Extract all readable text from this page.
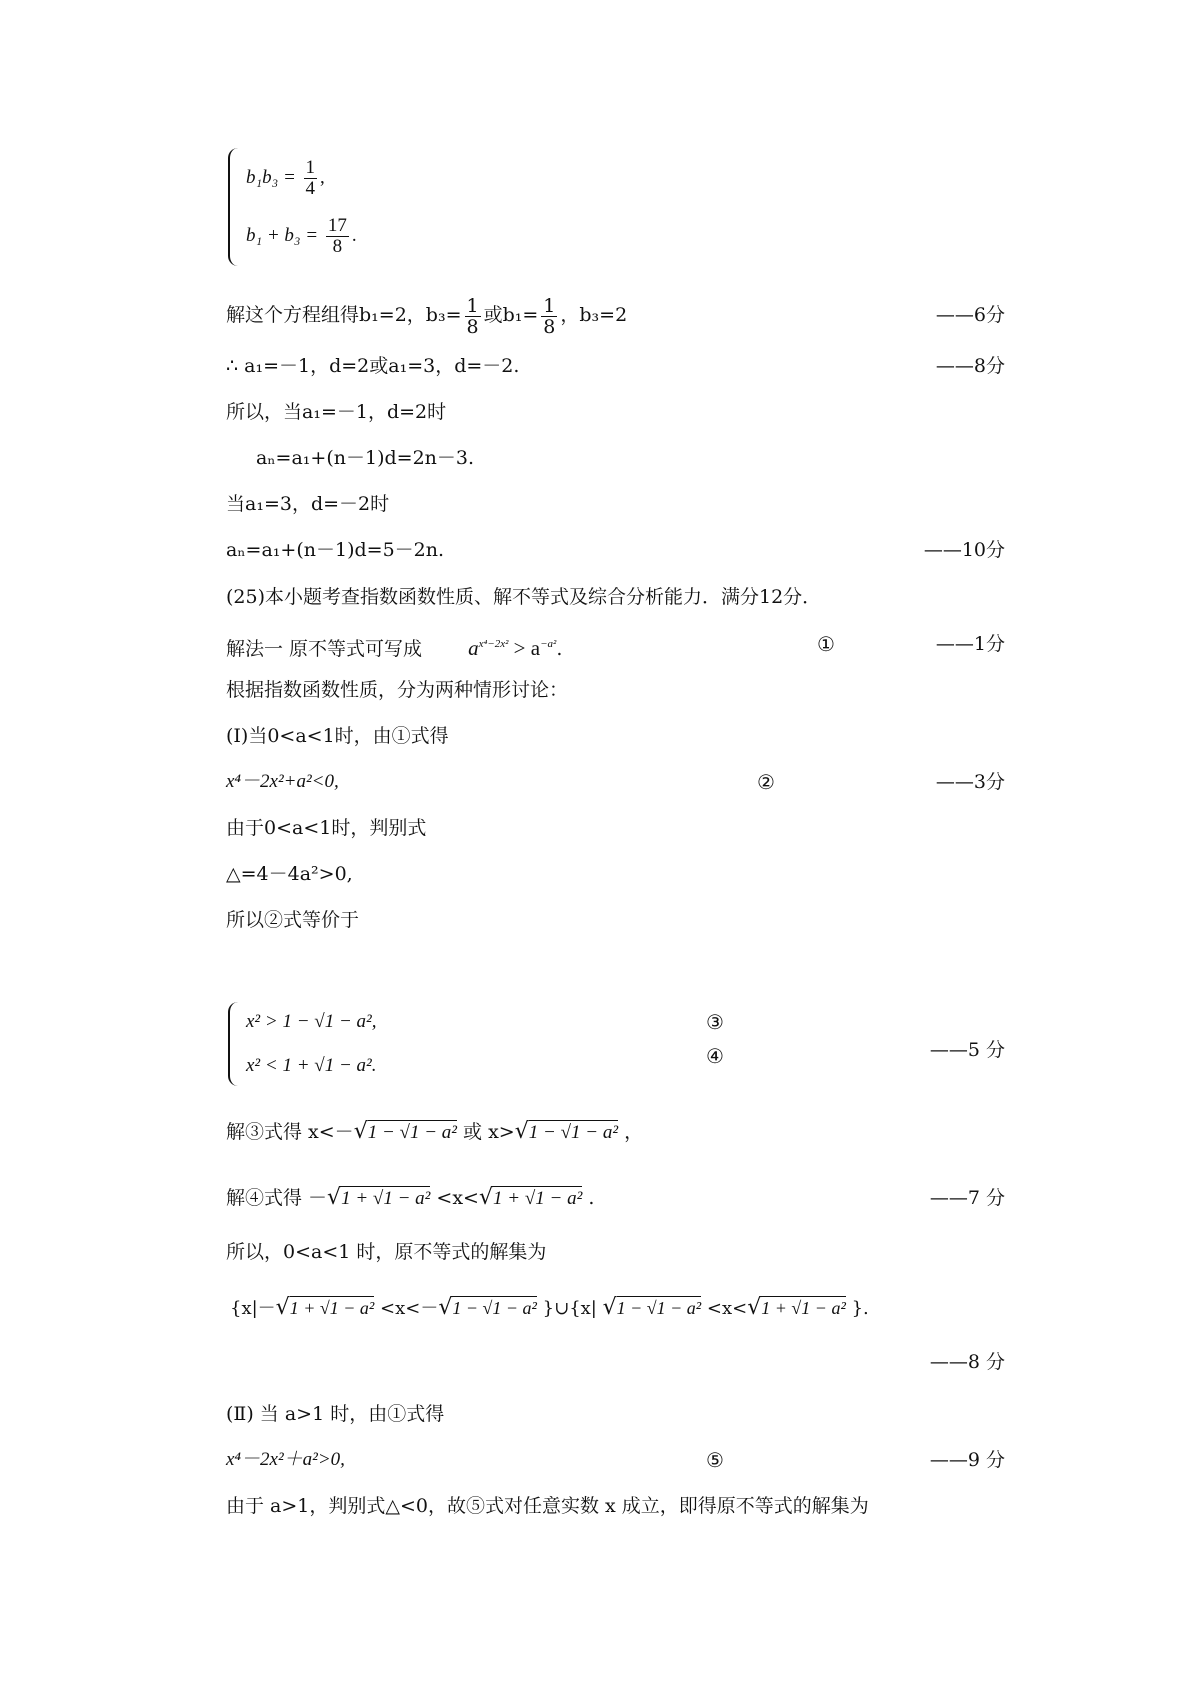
$b_1b_3 = \frac{1}{4}$ ,
$b_1 + b_3 = \frac{17}{8}$ .
解这个方程组得b₁=2，$b_3= \frac{1}{8}$ 或$b_1= \frac{1}{8}$ ，b₃=2	——6分
∴ a₁=－1，d=2或a₁=3，d=－2.	——8分
所以，当a₁=－1，d=2时
aₙ=a₁+(n－1)d=2n－3.
当a₁=3，d=－2时
aₙ=a₁+(n－1)d=5－2n.	——10分
(25)本小题考查指数函数性质、解不等式及综合分析能力．满分12分．
解法一 原不等式可写成 $a^{x^4-2x^2} > a^{-a^2}$.	①	——1分
根据指数函数性质，分为两种情形讨论：
(Ⅰ)当0<a<1时，由①式得
x⁴－2x²+a²<0,	②	——3分
由于0<a<1时，判别式
△=4－4a²>0,
所以②式等价于
x² > 1 − √1 − a²,
x² < 1 + √1 − a².
③
④	——5 分
解③式得 x<－√1 − √1 − a² 或 x>√1 − √1 − a² ，
解④式得 －√1 + √1 − a² <x<√1 + √1 − a² .	——7 分
所以，0<a<1 时，原不等式的解集为
{x|－√1 + √1 − a² <x<－√1 − √1 − a² }∪{x| √1 − √1 − a² <x<√1 + √1 − a² }.
——8 分
(Ⅱ) 当 a>1 时，由①式得
x⁴－2x²＋a²>0,	⑤	——9 分
由于 a>1，判别式△<0，故⑤式对任意实数 x 成立，即得原不等式的解集为
